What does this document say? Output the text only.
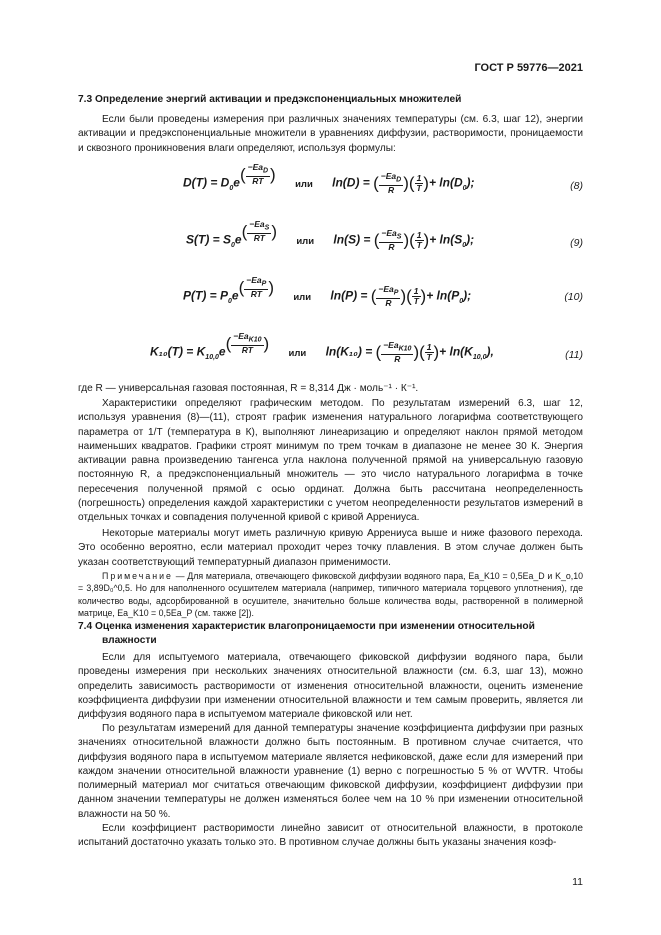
ГОСТ Р 59776—2021
7.3 Определение энергий активации и предэкспоненциальных множителей
Если были проведены измерения при различных значениях температуры (см. 6.3, шаг 12), энергии активации и предэкспоненциальные множители в уравнениях диффузии, растворимости, проницаемости и сквозного проникновения влаги определяют, используя формулы:
$D(T) = D_0e^{( \frac{-Ea_D}{RT} )}$ или ln(D) = ( $\frac{-Ea_D}{R}$ )( $\frac{1}{T}$ )+ $\ln(D_0)$;	(8)
$S(T) = S_0e^{( \frac{-Ea_S}{RT} )}$ или ln(S) = ( $\frac{-Ea_S}{R}$ )( $\frac{1}{T}$ )+ $\ln(S_0)$;	(9)
$P(T) = P_0e^{( \frac{-Ea_P}{RT} )}$ или ln(P) = ( $\frac{-Ea_P}{R}$ )( $\frac{1}{T}$ )+ $\ln(P_0)$;	(10)
$K_{10}(T) = K_{10,0}e^{( \frac{-Ea_{K10}}{RT} )}$ или ln(K₁₀) = ( $\frac{-Ea_{K10}}{R}$ )( $\frac{1}{T}$ )+ $\ln(K_{10,0})$,	(11)
где R — универсальная газовая постоянная, R = 8,314 Дж · моль⁻¹ · К⁻¹.
Характеристики определяют графическим методом. По результатам измерений 6.3, шаг 12, используя уравнения (8)—(11), строят график изменения натурального логарифма соответствующего параметра от 1/T (температура в К), выполняют линеаризацию и определяют наклон прямой методом наименьших квадратов. Графики строят минимум по трем точкам в диапазоне не менее 30 К. Энергия активации равна произведению тангенса угла наклона полученной прямой на универсальную газовую постоянную R, а предэкспоненциальный множитель — это число натурального логарифма в точке пересечения полученной прямой с осью ординат. Должна быть рассчитана неопределенность (погрешность) определения каждой характеристики с учетом неопределенности результатов измерений в отдельных точках и совпадения полученной кривой с кривой Аррениуса.
Некоторые материалы могут иметь различную кривую Аррениуса выше и ниже фазового перехода. Это особенно вероятно, если материал проходит через точку плавления. В этом случае должен быть указан соответствующий температурный диапазон применимости.
Примечание — Для материала, отвечающего фиковской диффузии водяного пара, Ea_K10 = 0,5Ea_D и K_o,10 = 3,89D₀^0,5. Но для наполненного осушителем материала (например, типичного материала торцевого уплотнения), где количество воды, адсорбированной в осушителе, значительно больше количества воды, растворенной в полимерной матрице, Ea_K10 = 0,5Ea_P (см. также [2]).
7.4 Оценка изменения характеристик влагопроницаемости при изменении относительной
влажности
Если для испытуемого материала, отвечающего фиковской диффузии водяного пара, были проведены измерения при нескольких значениях относительной влажности (см. 6.3, шаг 13), можно определить зависимость растворимости от изменения относительной влажности, оценить изменение коэффициента диффузии при изменении относительной влажности и тем самым проверить, является ли диффузия водяного пара в испытуемом материале фиковской или нет.
По результатам измерений для данной температуры значение коэффициента диффузии при разных значениях относительной влажности должно быть постоянным. В противном случае считается, что диффузия водяного пара в испытуемом материале является нефиковской, даже если для измерений при каждом значении относительной влажности уравнение (1) верно с погрешностью 5 % от WVTR. Чтобы полимерный материал мог считаться отвечающим фиковской диффузии, коэффициент диффузии при данном значении температуры не должен изменяться более чем на 10 % при изменении относительной влажности на 50 %.
Если коэффициент растворимости линейно зависит от относительной влажности, в протоколе испытаний достаточно указать только это. В противном случае должны быть указаны значения коэф-
11
